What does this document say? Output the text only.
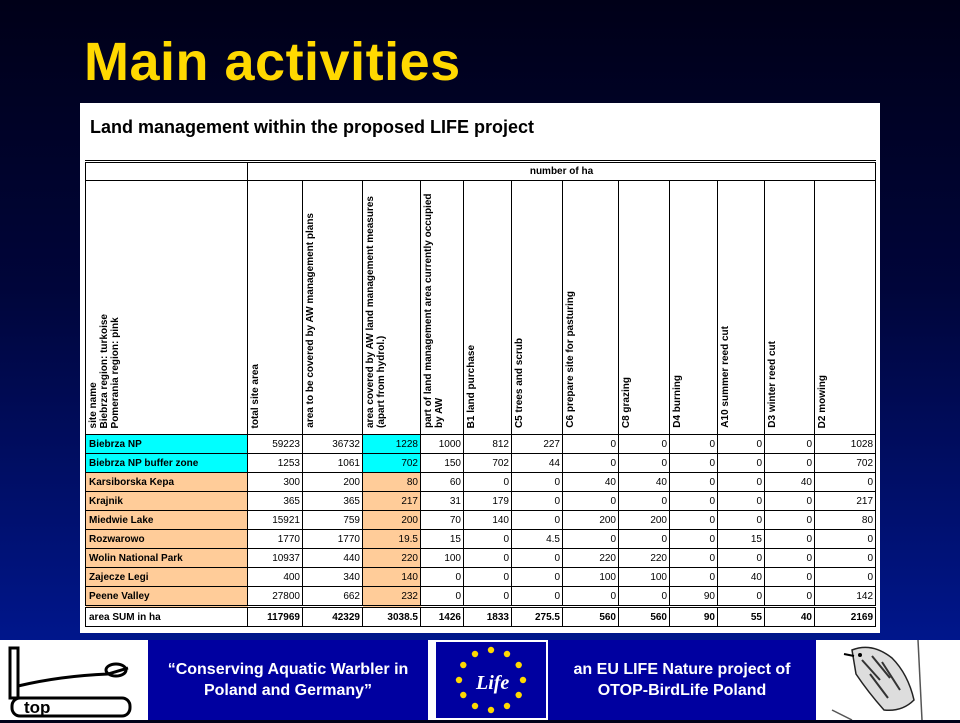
Main activities
Land management within the proposed LIFE project
	number of ha											
site name
Biebrza region: turkoise
Pomerania region: pink	total site area	area to be covered by AW management plans	area covered by AW land management measures (apart from hydrol.)	part of land management area currently occupied by AW	B1 land purchase	C5 trees and scrub	C6 prepare site for pasturing	C8 grazing	D4 burning	A10 summer reed cut	D3 winter reed cut	D2 mowing
Biebrza NP	59223	36732	1228	1000	812	227	0	0	0	0	0	1028
Biebrza NP buffer zone	1253	1061	702	150	702	44	0	0	0	0	0	702
Karsiborska Kepa	300	200	80	60	0	0	40	40	0	0	40	0
Krajnik	365	365	217	31	179	0	0	0	0	0	0	217
Miedwie Lake	15921	759	200	70	140	0	200	200	0	0	0	80
Rozwarowo	1770	1770	19.5	15	0	4.5	0	0	0	15	0	0
Wolin National Park	10937	440	220	100	0	0	220	220	0	0	0	0
Zajecze Legi	400	340	140	0	0	0	100	100	0	40	0	0
Peene Valley	27800	662	232	0	0	0	0	0	90	0	0	142
area SUM in ha	117969	42329	3038.5	1426	1833	275.5	560	560	90	55	40	2169
top
“Conserving Aquatic Warbler in Poland and Germany”	Life
an EU LIFE Nature project of OTOP-BirdLife Poland
